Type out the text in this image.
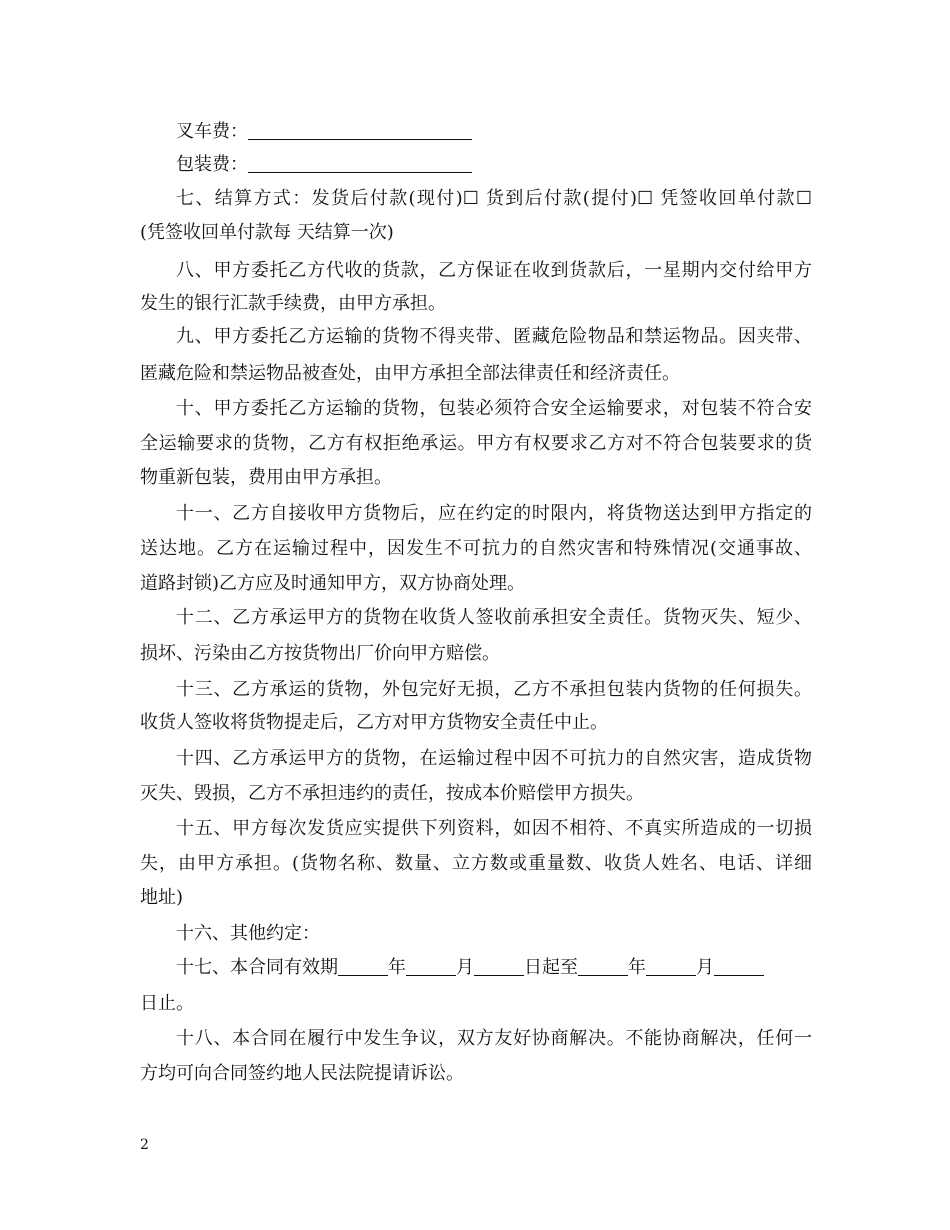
叉车费：
包装费：
七、结算方式：发货后付款(现付)☐ 货到后付款(提付)☐ 凭签收回单付款☐
(凭签收回单付款每 天结算一次)
八、甲方委托乙方代收的货款，乙方保证在收到货款后，一星期内交付给甲方
发生的银行汇款手续费，由甲方承担。
九、甲方委托乙方运输的货物不得夹带、匿藏危险物品和禁运物品。因夹带、
匿藏危险和禁运物品被查处，由甲方承担全部法律责任和经济责任。
十、甲方委托乙方运输的货物，包装必须符合安全运输要求，对包装不符合安
全运输要求的货物，乙方有权拒绝承运。甲方有权要求乙方对不符合包装要求的货
物重新包装，费用由甲方承担。
十一、乙方自接收甲方货物后，应在约定的时限内，将货物送达到甲方指定的
送达地。乙方在运输过程中，因发生不可抗力的自然灾害和特殊情况(交通事故、
道路封锁)乙方应及时通知甲方，双方协商处理。
十二、乙方承运甲方的货物在收货人签收前承担安全责任。货物灭失、短少、
损坏、污染由乙方按货物出厂价向甲方赔偿。
十三、乙方承运的货物，外包完好无损，乙方不承担包装内货物的任何损失。
收货人签收将货物提走后，乙方对甲方货物安全责任中止。
十四、乙方承运甲方的货物，在运输过程中因不可抗力的自然灾害，造成货物
灭失、毁损，乙方不承担违约的责任，按成本价赔偿甲方损失。
十五、甲方每次发货应实提供下列资料，如因不相符、不真实所造成的一切损
失，由甲方承担。(货物名称、数量、立方数或重量数、收货人姓名、电话、详细
地址)
十六、其他约定：
十七、本合同有效期	年	月	日起至	年	月
日止。
十八、本合同在履行中发生争议，双方友好协商解决。不能协商解决，任何一
方均可向合同签约地人民法院提请诉讼。
2
